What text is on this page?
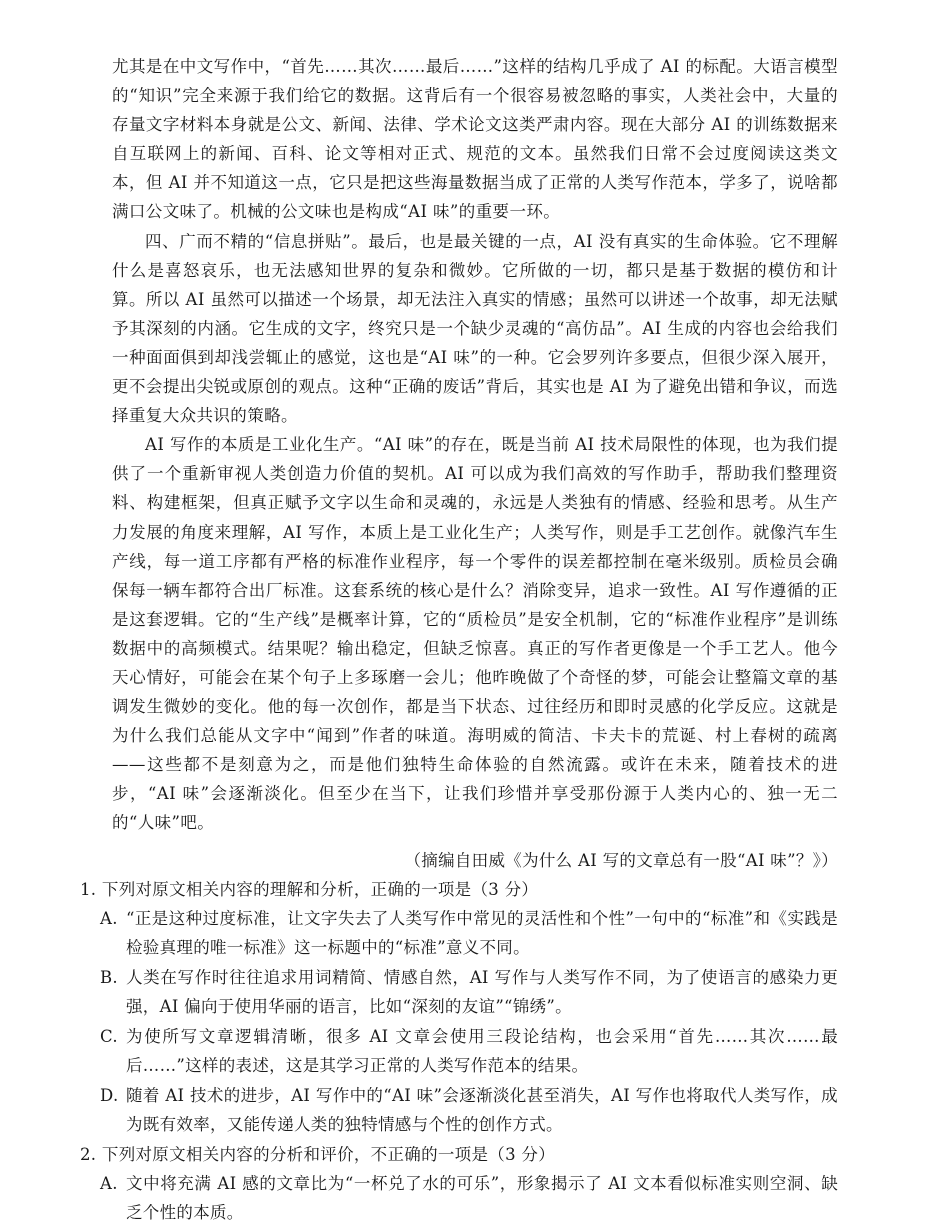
尤其是在中文写作中，“首先……其次……最后……”这样的结构几乎成了 AI 的标配。大语言模型的“知识”完全来源于我们给它的数据。这背后有一个很容易被忽略的事实，人类社会中，大量的存量文字材料本身就是公文、新闻、法律、学术论文这类严肃内容。现在大部分 AI 的训练数据来自互联网上的新闻、百科、论文等相对正式、规范的文本。虽然我们日常不会过度阅读这类文本，但 AI 并不知道这一点，它只是把这些海量数据当成了正常的人类写作范本，学多了，说啥都满口公文味了。机械的公文味也是构成“AI 味”的重要一环。

四、广而不精的“信息拼贴”。最后，也是最关键的一点，AI 没有真实的生命体验。它不理解什么是喜怒哀乐，也无法感知世界的复杂和微妙。它所做的一切，都只是基于数据的模仿和计算。所以 AI 虽然可以描述一个场景，却无法注入真实的情感；虽然可以讲述一个故事，却无法赋予其深刻的内涵。它生成的文字，终究只是一个缺少灵魂的“高仿品”。AI 生成的内容也会给我们一种面面俱到却浅尝辄止的感觉，这也是“AI 味”的一种。它会罗列许多要点，但很少深入展开，更不会提出尖锐或原创的观点。这种“正确的废话”背后，其实也是 AI 为了避免出错和争议，而选择重复大众共识的策略。

AI 写作的本质是工业化生产。“AI 味”的存在，既是当前 AI 技术局限性的体现，也为我们提供了一个重新审视人类创造力价值的契机。AI 可以成为我们高效的写作助手，帮助我们整理资料、构建框架，但真正赋予文字以生命和灵魂的，永远是人类独有的情感、经验和思考。从生产力发展的角度来理解，AI 写作，本质上是工业化生产；人类写作，则是手工艺创作。就像汽车生产线，每一道工序都有严格的标准作业程序，每一个零件的误差都控制在毫米级别。质检员会确保每一辆车都符合出厂标准。这套系统的核心是什么？消除变异，追求一致性。AI 写作遵循的正是这套逻辑。它的“生产线”是概率计算，它的“质检员”是安全机制，它的“标准作业程序”是训练数据中的高频模式。结果呢？输出稳定，但缺乏惊喜。真正的写作者更像是一个手工艺人。他今天心情好，可能会在某个句子上多琢磨一会儿；他昨晚做了个奇怪的梦，可能会让整篇文章的基调发生微妙的变化。他的每一次创作，都是当下状态、过往经历和即时灵感的化学反应。这就是为什么我们总能从文字中“闻到”作者的味道。海明威的简洁、卡夫卡的荒诞、村上春树的疏离——这些都不是刻意为之，而是他们独特生命体验的自然流露。或许在未来，随着技术的进步，“AI 味”会逐渐淡化。但至少在当下，让我们珍惜并享受那份源于人类内心的、独一无二的“人味”吧。

（摘编自田威《为什么 AI 写的文章总有一股“AI 味”？》）

1. 下列对原文相关内容的理解和分析，正确的一项是（3 分）

A. “正是这种过度标准，让文字失去了人类写作中常见的灵活性和个性”一句中的“标准”和《实践是检验真理的唯一标准》这一标题中的“标准”意义不同。
B. 人类在写作时往往追求用词精简、情感自然，AI 写作与人类写作不同，为了使语言的感染力更强，AI 偏向于使用华丽的语言，比如“深刻的友谊”“锦绣”。
C. 为使所写文章逻辑清晰，很多 AI 文章会使用三段论结构，也会采用“首先……其次……最后……”这样的表述，这是其学习正常的人类写作范本的结果。
D. 随着 AI 技术的进步，AI 写作中的“AI 味”会逐渐淡化甚至消失，AI 写作也将取代人类写作，成为既有效率，又能传递人类的独特情感与个性的创作方式。

2. 下列对原文相关内容的分析和评价，不正确的一项是（3 分）

A. 文中将充满 AI 感的文章比为“一杯兑了水的可乐”，形象揭示了 AI 文本看似标准实则空洞、缺乏个性的本质。
